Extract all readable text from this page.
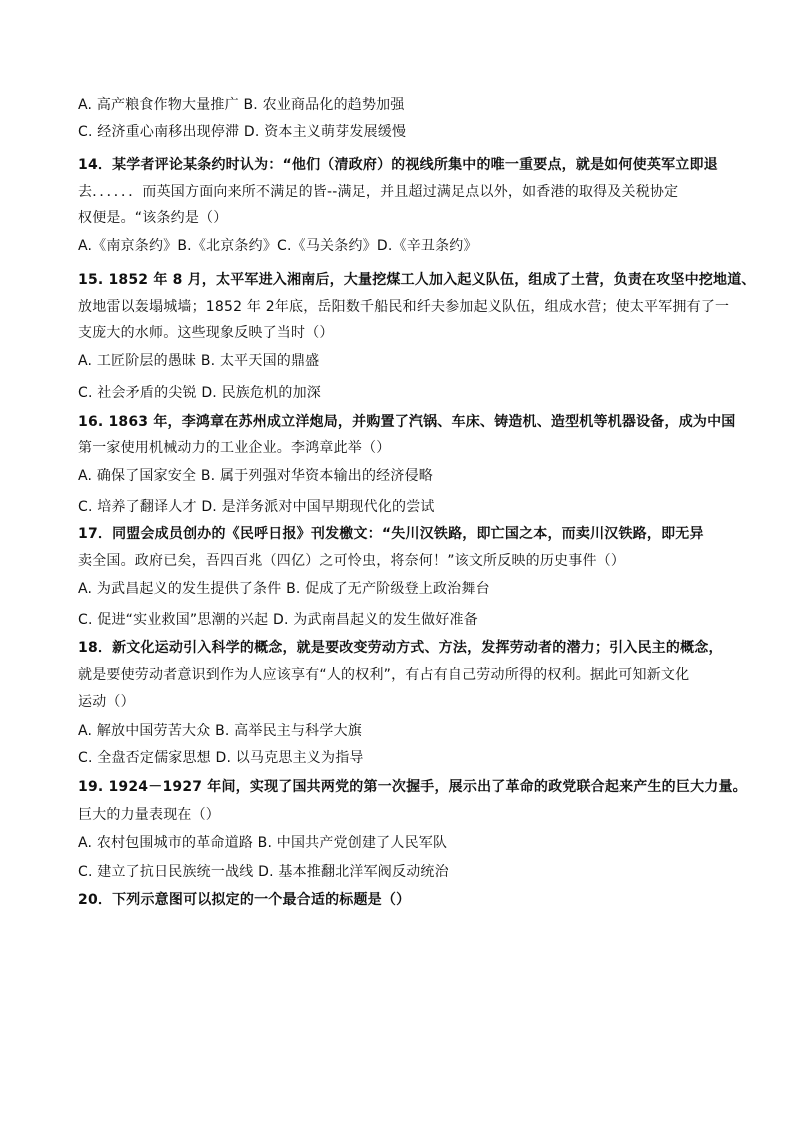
A. 高产粮食作物大量推广 B. 农业商品化的趋势加强
C. 经济重心南移出现停滞 D. 资本主义萌芽发展缓慢
14．某学者评论某条约时认为：“他们（清政府）的视线所集中的唯一重要点，就是如何使英军立即退
去．．．．．．而英国方面向来所不满足的皆--满足，并且超过满足点以外，如香港的取得及关税协定
权便是。“该条约是（）
A.《南京条约》B.《北京条约》C.《马关条约》D.《辛丑条约》
15. 1852 年 8 月，太平军进入湘南后，大量挖煤工人加入起义队伍，组成了土营，负责在攻坚中挖地道、
放地雷以轰塌城墙；1852 年 2年底，岳阳数千船民和纤夫参加起义队伍，组成水营；使太平军拥有了一
支庞大的水师。这些现象反映了当时（）
A. 工匠阶层的愚昧 B. 太平天国的鼎盛
C. 社会矛盾的尖锐 D. 民族危机的加深
16. 1863 年，李鸿章在苏州成立洋炮局，并购置了汽锅、车床、铸造机、造型机等机器设备，成为中国
第一家使用机械动力的工业企业。李鸿章此举（）
A. 确保了国家安全 B. 属于列强对华资本输出的经济侵略
C. 培养了翻译人才 D. 是洋务派对中国早期现代化的尝试
17．同盟会成员创办的《民呼日报》刊发檄文：“失川汉铁路，即亡国之本，而卖川汉铁路，即无异
卖全国。政府已矣，吾四百兆（四亿）之可怜虫，将奈何！”该文所反映的历史事件（）
A. 为武昌起义的发生提供了条件 B. 促成了无产阶级登上政治舞台
C. 促进“实业救国”思潮的兴起 D. 为武南昌起义的发生做好准备
18．新文化运动引入科学的概念，就是要改变劳动方式、方法，发挥劳动者的潜力；引入民主的概念，
就是要使劳动者意识到作为人应该享有“人的权利”，有占有自己劳动所得的权利。据此可知新文化
运动（）
A. 解放中国劳苦大众 B. 高举民主与科学大旗
C. 全盘否定儒家思想 D. 以马克思主义为指导
19. 1924－1927 年间，实现了国共两党的第一次握手，展示出了革命的政党联合起来产生的巨大力量。
巨大的力量表现在（）
A. 农村包围城市的革命道路 B. 中国共产党创建了人民军队
C. 建立了抗日民族统一战线 D. 基本推翻北洋军阀反动统治
20．下列示意图可以拟定的一个最合适的标题是（）
